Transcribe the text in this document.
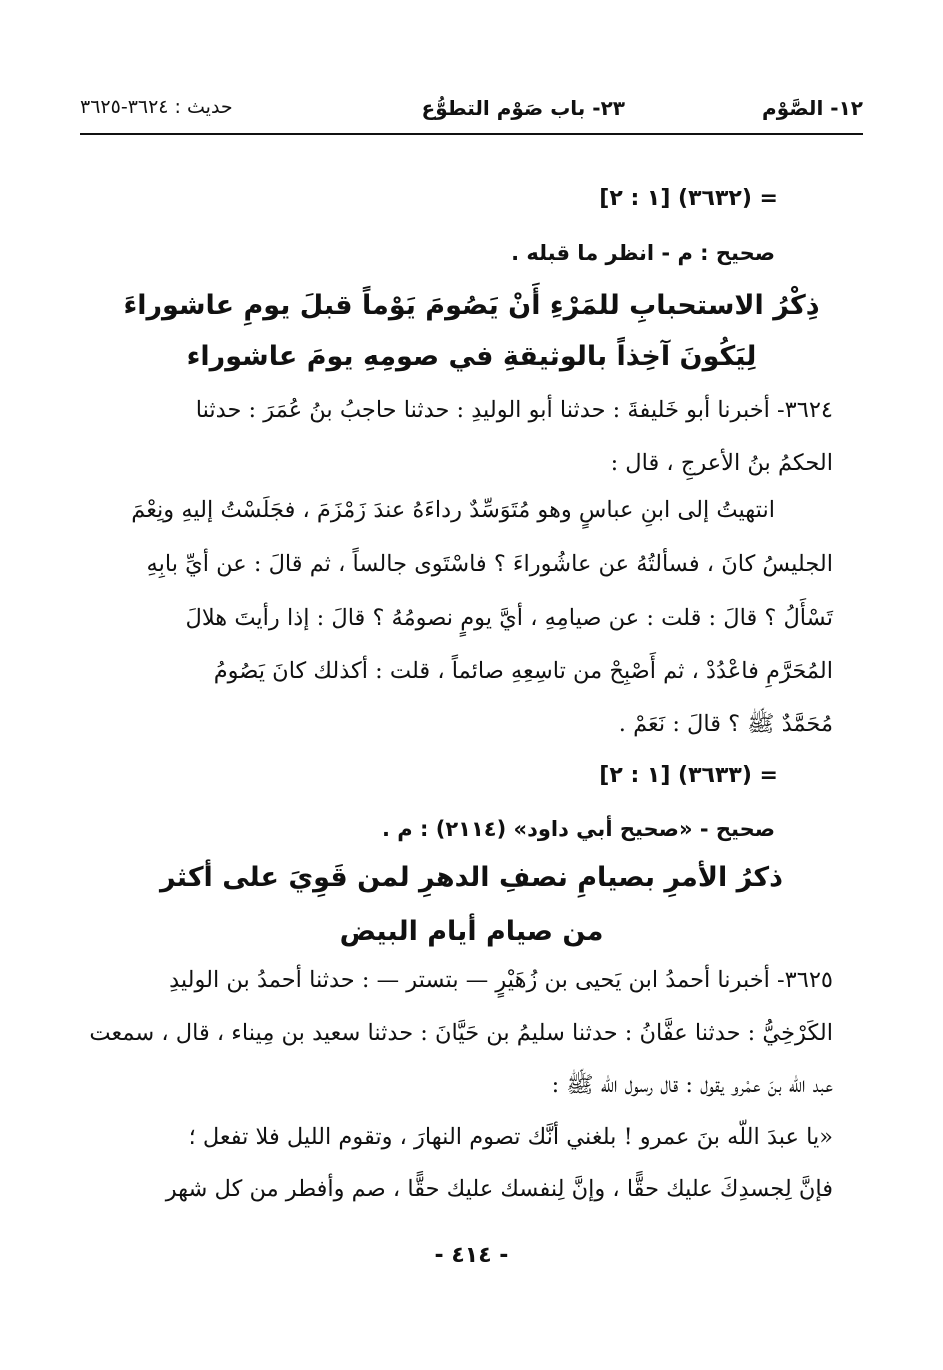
١٢- الصَّوْم
٢٣- باب صَوْم التطوُّع
حديث : ٣٦٢٤-٣٦٢٥
= (٣٦٣٢) [١ : ٢]
صحيح : م - انظر ما قبله .
ذِكْرُ الاستحبابِ للمَرْءِ أَنْ يَصُومَ يَوْماً قبلَ يومِ عاشوراءَ
لِيَكُونَ آخِذاً بالوثيقةِ في صومِهِ يومَ عاشوراء
٣٦٢٤- أخبرنا أبو خَليفةَ : حدثنا أبو الوليدِ : حدثنا حاجبُ بنُ عُمَرَ : حدثنا
الحكمُ بنُ الأعرجِ ، قال :
انتهيتُ إلى ابنِ عباسٍ وهو مُتَوَسِّدٌ رداءَهُ عندَ زَمْزَمَ ، فجَلَسْتُ إليهِ ونِعْمَ
الجليسُ كانَ ، فسألتُهُ عن عاشُوراءَ ؟ فاسْتَوى جالساً ، ثم قالَ : عن أيِّ بابِهِ
تَسْأَلُ ؟ قالَ : قلت : عن صيامِهِ ، أيَّ يومٍ نصومُهُ ؟ قالَ : إذا رأيتَ هلالَ
المُحَرَّمِ فاعْدُدْ ، ثم أَصْبِحْ من تاسِعِهِ صائماً ، قلت : أكذلك كانَ يَصُومُ
مُحَمَّدٌ ﷺ ؟ قالَ : نَعَمْ .
= (٣٦٣٣) [١ : ٢]
صحيح - «صحيح أبي داود» (٢١١٤) : م .
ذكرُ الأمرِ بصيامِ نصفِ الدهرِ لمن قَوِيَ على أكثر
من صيام أيام البيض
٣٦٢٥- أخبرنا أحمدُ ابن يَحيى بن زُهَيْرٍ — بتستر — : حدثنا أحمدُ بن الوليدِ
الكَرْخِيُّ : حدثنا عفَّانُ : حدثنا سليمُ بن حَيَّانَ : حدثنا سعيد بن مِيناء ، قال ، سمعت
عبد اللّه بنَ عمْرو يقول : قال رسول اللّه ﷺ :
«يا عبدَ اللّه بنَ عمرو ! بلغني أنَّك تصوم النهارَ ، وتقوم الليل فلا تفعل ؛
فإنَّ لِجسدِكَ عليك حقًّا ، وإنَّ لِنفسك عليك حقًّا ، صم وأفطر من كل شهر
- ٤١٤ -
